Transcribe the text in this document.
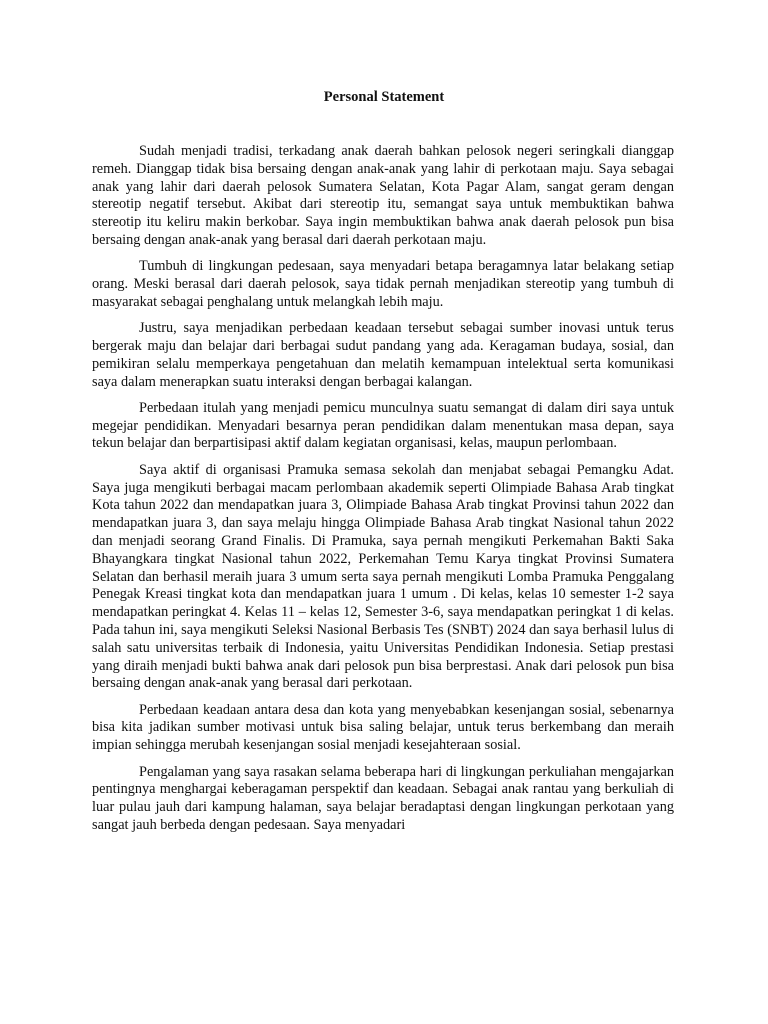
Personal Statement

Sudah menjadi tradisi, terkadang anak daerah bahkan pelosok negeri seringkali dianggap remeh. Dianggap tidak bisa bersaing dengan anak-anak yang lahir di perkotaan maju. Saya sebagai anak yang lahir dari daerah pelosok Sumatera Selatan, Kota Pagar Alam, sangat geram dengan stereotip negatif tersebut. Akibat dari stereotip itu, semangat saya untuk membuktikan bahwa stereotip itu keliru makin berkobar. Saya ingin membuktikan bahwa anak daerah pelosok pun bisa bersaing dengan anak-anak yang berasal dari daerah perkotaan maju.

Tumbuh di lingkungan pedesaan, saya menyadari betapa beragamnya latar belakang setiap orang. Meski berasal dari daerah pelosok, saya tidak pernah menjadikan stereotip yang tumbuh di masyarakat sebagai penghalang untuk melangkah lebih maju.

Justru, saya menjadikan perbedaan keadaan tersebut sebagai sumber inovasi untuk terus bergerak maju dan belajar dari berbagai sudut pandang yang ada. Keragaman budaya, sosial, dan pemikiran selalu memperkaya pengetahuan dan melatih kemampuan intelektual serta komunikasi saya dalam menerapkan suatu interaksi dengan berbagai kalangan.

Perbedaan itulah yang menjadi pemicu munculnya suatu semangat di dalam diri saya untuk megejar pendidikan. Menyadari besarnya peran pendidikan dalam menentukan masa depan, saya tekun belajar dan berpartisipasi aktif dalam kegiatan organisasi, kelas, maupun perlombaan.

Saya aktif di organisasi Pramuka semasa sekolah dan menjabat sebagai Pemangku Adat. Saya juga mengikuti berbagai macam perlombaan akademik seperti Olimpiade Bahasa Arab tingkat Kota tahun 2022 dan mendapatkan juara 3, Olimpiade Bahasa Arab tingkat Provinsi tahun 2022 dan mendapatkan juara 3, dan saya melaju hingga Olimpiade Bahasa Arab tingkat Nasional tahun 2022 dan menjadi seorang Grand Finalis. Di Pramuka, saya pernah mengikuti Perkemahan Bakti Saka Bhayangkara tingkat Nasional tahun 2022, Perkemahan Temu Karya tingkat Provinsi Sumatera Selatan dan berhasil meraih juara 3 umum serta saya pernah mengikuti Lomba Pramuka Penggalang Penegak Kreasi tingkat kota dan mendapatkan juara 1 umum . Di kelas, kelas 10 semester 1-2 saya mendapatkan peringkat 4. Kelas 11 – kelas 12, Semester 3-6, saya mendapatkan peringkat 1 di kelas. Pada tahun ini, saya mengikuti Seleksi Nasional Berbasis Tes (SNBT) 2024 dan saya berhasil lulus di salah satu universitas terbaik di Indonesia, yaitu Universitas Pendidikan Indonesia. Setiap prestasi yang diraih menjadi bukti bahwa anak dari pelosok pun bisa berprestasi. Anak dari pelosok pun bisa bersaing dengan anak-anak yang berasal dari perkotaan.

Perbedaan keadaan antara desa dan kota yang menyebabkan kesenjangan sosial, sebenarnya bisa kita jadikan sumber motivasi untuk bisa saling belajar, untuk terus berkembang dan meraih impian sehingga merubah kesenjangan sosial menjadi kesejahteraan sosial.

Pengalaman yang saya rasakan selama beberapa hari di lingkungan perkuliahan mengajarkan pentingnya menghargai keberagaman perspektif dan keadaan. Sebagai anak rantau yang berkuliah di luar pulau jauh dari kampung halaman, saya belajar beradaptasi dengan lingkungan perkotaan yang sangat jauh berbeda dengan pedesaan. Saya menyadari
